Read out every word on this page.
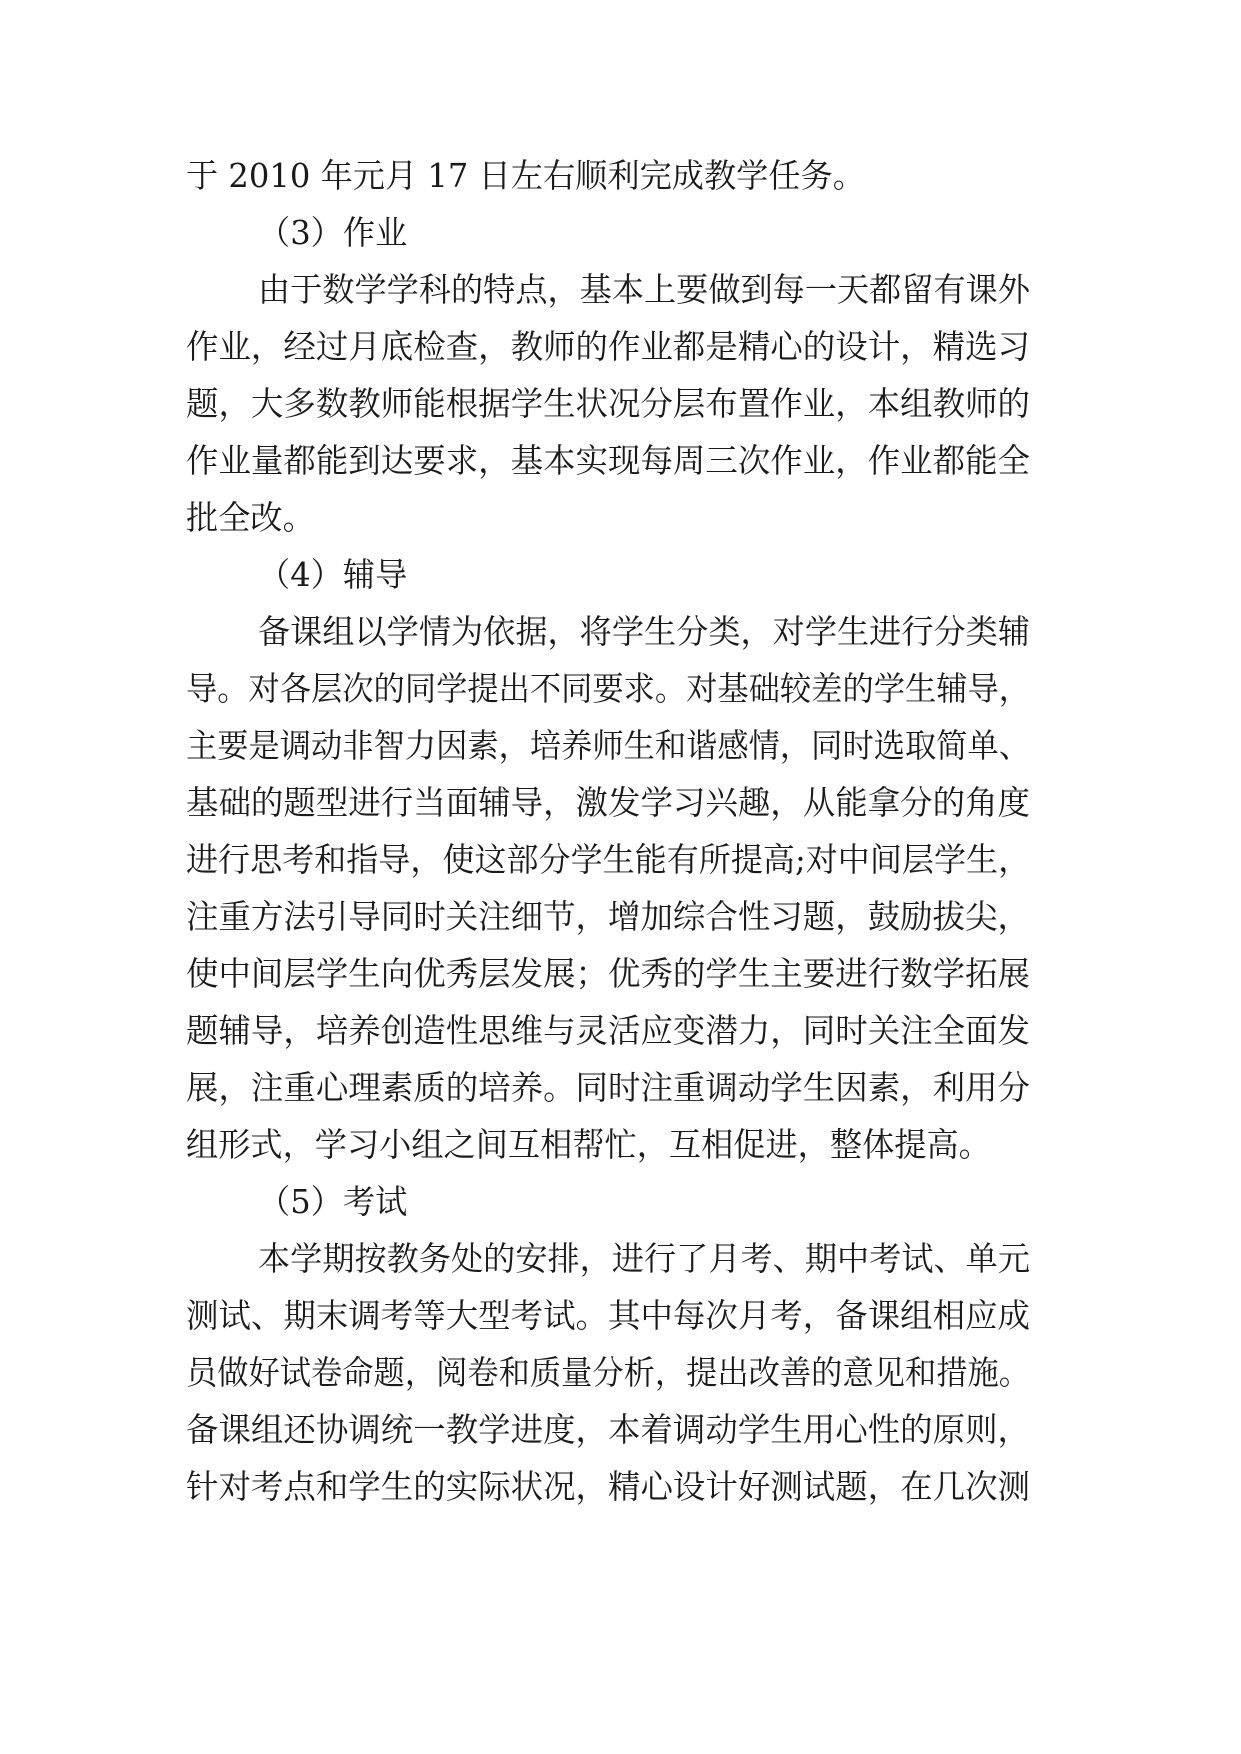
于 2010 年元月 17 日左右顺利完成教学任务。
（3）作业
由于数学学科的特点，基本上要做到每一天都留有课外
作业，经过月底检查，教师的作业都是精心的设计，精选习
题，大多数教师能根据学生状况分层布置作业，本组教师的
作业量都能到达要求，基本实现每周三次作业，作业都能全
批全改。
（4）辅导
备课组以学情为依据，将学生分类，对学生进行分类辅
导。对各层次的同学提出不同要求。对基础较差的学生辅导，
主要是调动非智力因素，培养师生和谐感情，同时选取简单、
基础的题型进行当面辅导，激发学习兴趣，从能拿分的角度
进行思考和指导，使这部分学生能有所提高;对中间层学生，
注重方法引导同时关注细节，增加综合性习题，鼓励拔尖，
使中间层学生向优秀层发展；优秀的学生主要进行数学拓展
题辅导，培养创造性思维与灵活应变潜力，同时关注全面发
展，注重心理素质的培养。同时注重调动学生因素，利用分
组形式，学习小组之间互相帮忙，互相促进，整体提高。
（5）考试
本学期按教务处的安排，进行了月考、期中考试、单元
测试、期末调考等大型考试。其中每次月考，备课组相应成
员做好试卷命题，阅卷和质量分析，提出改善的意见和措施。
备课组还协调统一教学进度，本着调动学生用心性的原则，
针对考点和学生的实际状况，精心设计好测试题，在几次测
